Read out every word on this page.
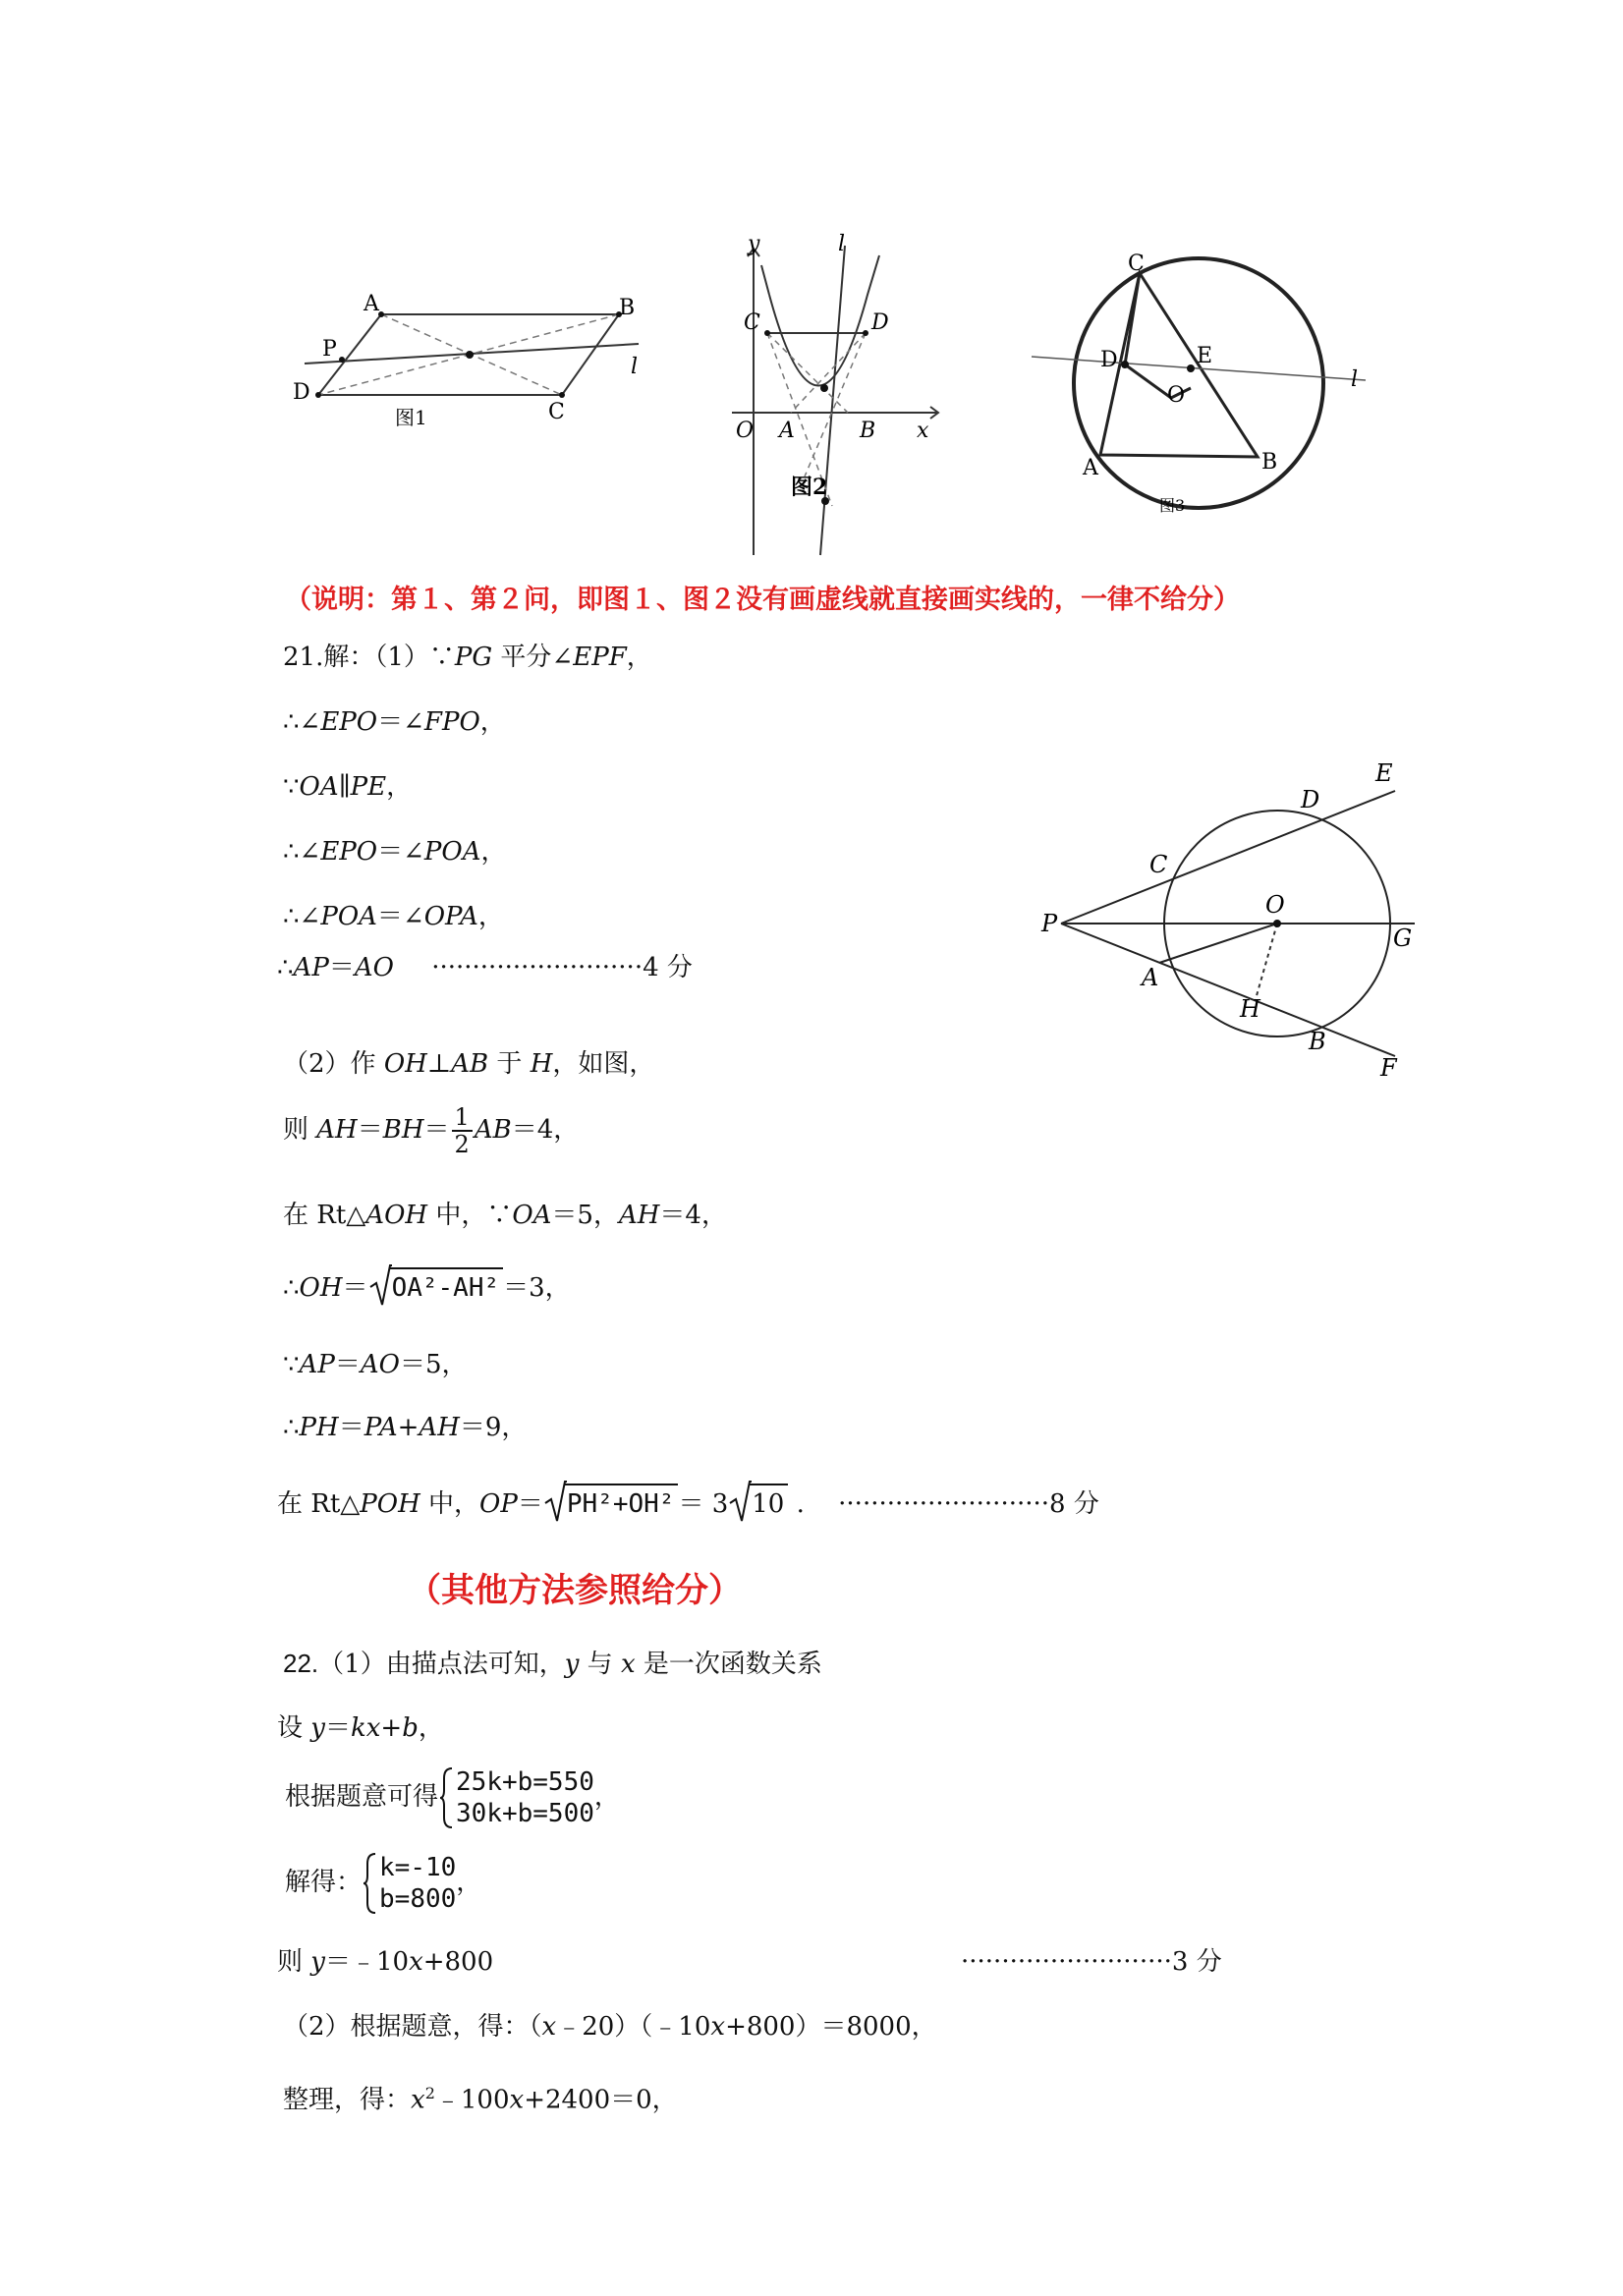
A	B
C
D
P
l
图1
y
x
l
O A	B
C	D
图2
C
D	E
O
A	B
l
图3
（说明：第１、第２问，即图１、图２没有画虚线就直接画实线的，一律不给分）
21.解：（1）∵PG 平分∠EPF，
∴∠EPO＝∠FPO，
∵OA∥PE，
∴∠EPO＝∠POA，
∴∠POA＝∠OPA，
∴AP＝AO ··························4 分
P
A
B
C
D
E
F
G
H
O
（2）作 OH⊥AB 于 H，如图，
则 $AH=BH= \frac{1}{2} AB=4$，
在 Rt△AOH 中，∵OA＝5，AH＝4，
∴OH＝ OA²-AH² ＝3，
∵AP＝AO＝5，
∴PH＝PA+AH＝9，
在 Rt△POH 中，OP＝ PH²+OH² ＝ 3 10 . ··························8 分
（其他方法参照给分）
22.（1）由描点法可知，y 与 x 是一次函数关系
设 y＝kx+b，
根据题意可得 25k+b=550
30k+b=500
，
解得： k=-10
b=800
，
则 y＝﹣10x+800	··························3 分
（2）根据题意，得：（x﹣20）（﹣10x+800）＝8000，
整理，得：$x^2﹣100x+2400=0$，
